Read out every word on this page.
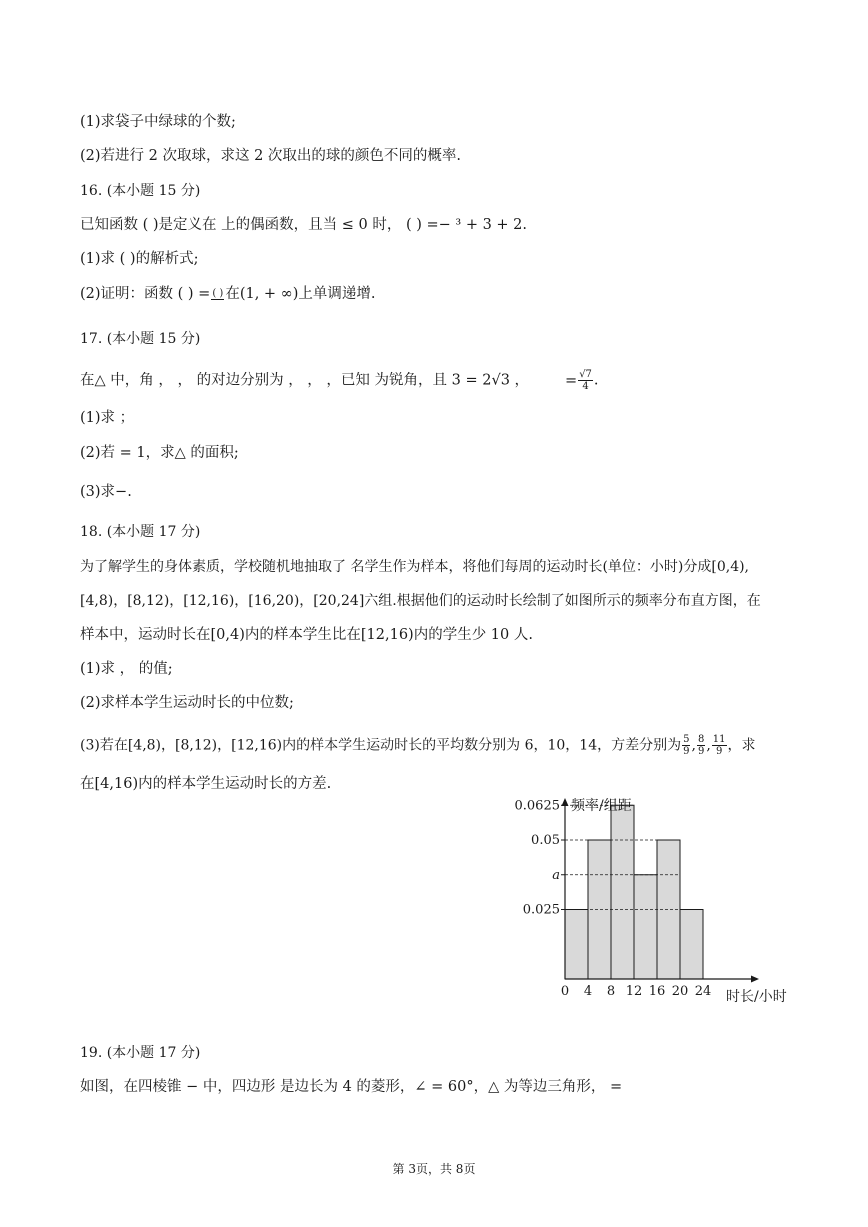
(1)求袋子中绿球的个数;
(2)若进行 2 次取球，求这 2 次取出的球的颜色不同的概率.
16. (本小题 15 分)
已知函数 ( )是定义在 上的偶函数，且当 ≤ 0 时， ( ) =− ³ + 3 + 2.
(1)求 ( )的解析式;
(2)证明：函数 ( ) = ( ) 在(1, + ∞)上单调递增.
17. (本小题 15 分)
在△ 中，角 ， ， 的对边分别为 ， ， ，已知 为锐角，且 3 = 2√3 ， = $\frac{√7}{4}$ .
(1)求 ；
(2)若 = 1，求△ 的面积;
(3)求−.
18. (本小题 17 分)
为了解学生的身体素质，学校随机地抽取了 名学生作为样本，将他们每周的运动时长(单位：小时)分成[0,4),
[4,8)，[8,12)，[12,16)，[16,20)，[20,24]六组.根据他们的运动时长绘制了如图所示的频率分布直方图，在
样本中，运动时长在[0,4)内的样本学生比在[12,16)内的学生少 10 人.
(1)求 ， 的值;
(2)求样本学生运动时长的中位数;
(3)若在[4,8)，[8,12)，[12,16)内的样本学生运动时长的平均数分别为 6，10，14，方差分别为 $\frac{5}{9}$ , $\frac{8}{9}$ , $\frac{11}{9}$ ，求
在[4,16)内的样本学生运动时长的方差.
0.0625
0.05
a
0.025
0 4 8 12 16 20 24
频率/组距
时长/小时
19. (本小题 17 分)
如图，在四棱锥 − 中，四边形 是边长为 4 的菱形，∠ = 60°，△ 为等边三角形， =
第 3页，共 8页
